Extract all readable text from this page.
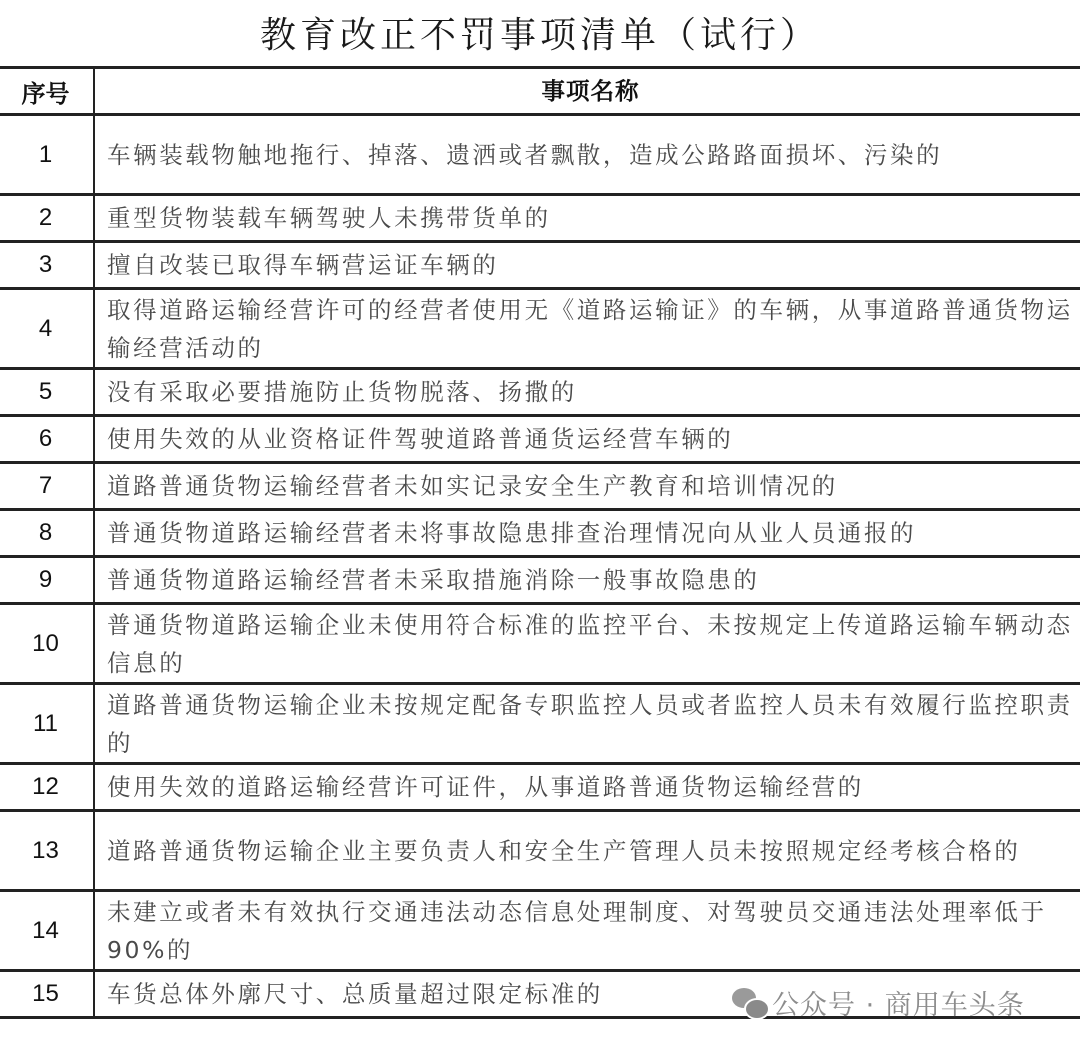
教育改正不罚事项清单（试行）
序号	事项名称
1	车辆装载物触地拖行、掉落、遗洒或者飘散，造成公路路面损坏、污染的
2	重型货物装载车辆驾驶人未携带货单的
3	擅自改装已取得车辆营运证车辆的
4	取得道路运输经营许可的经营者使用无《道路运输证》的车辆，从事道路普通货物运输经营活动的
5	没有采取必要措施防止货物脱落、扬撒的
6	使用失效的从业资格证件驾驶道路普通货运经营车辆的
7	道路普通货物运输经营者未如实记录安全生产教育和培训情况的
8	普通货物道路运输经营者未将事故隐患排查治理情况向从业人员通报的
9	普通货物道路运输经营者未采取措施消除一般事故隐患的
10	普通货物道路运输企业未使用符合标准的监控平台、未按规定上传道路运输车辆动态信息的
11	道路普通货物运输企业未按规定配备专职监控人员或者监控人员未有效履行监控职责的
12	使用失效的道路运输经营许可证件，从事道路普通货物运输经营的
13	道路普通货物运输企业主要负责人和安全生产管理人员未按照规定经考核合格的
14	未建立或者未有效执行交通违法动态信息处理制度、对驾驶员交通违法处理率低于90%的
15	车货总体外廓尺寸、总质量超过限定标准的	公众号 · 商用车头条
